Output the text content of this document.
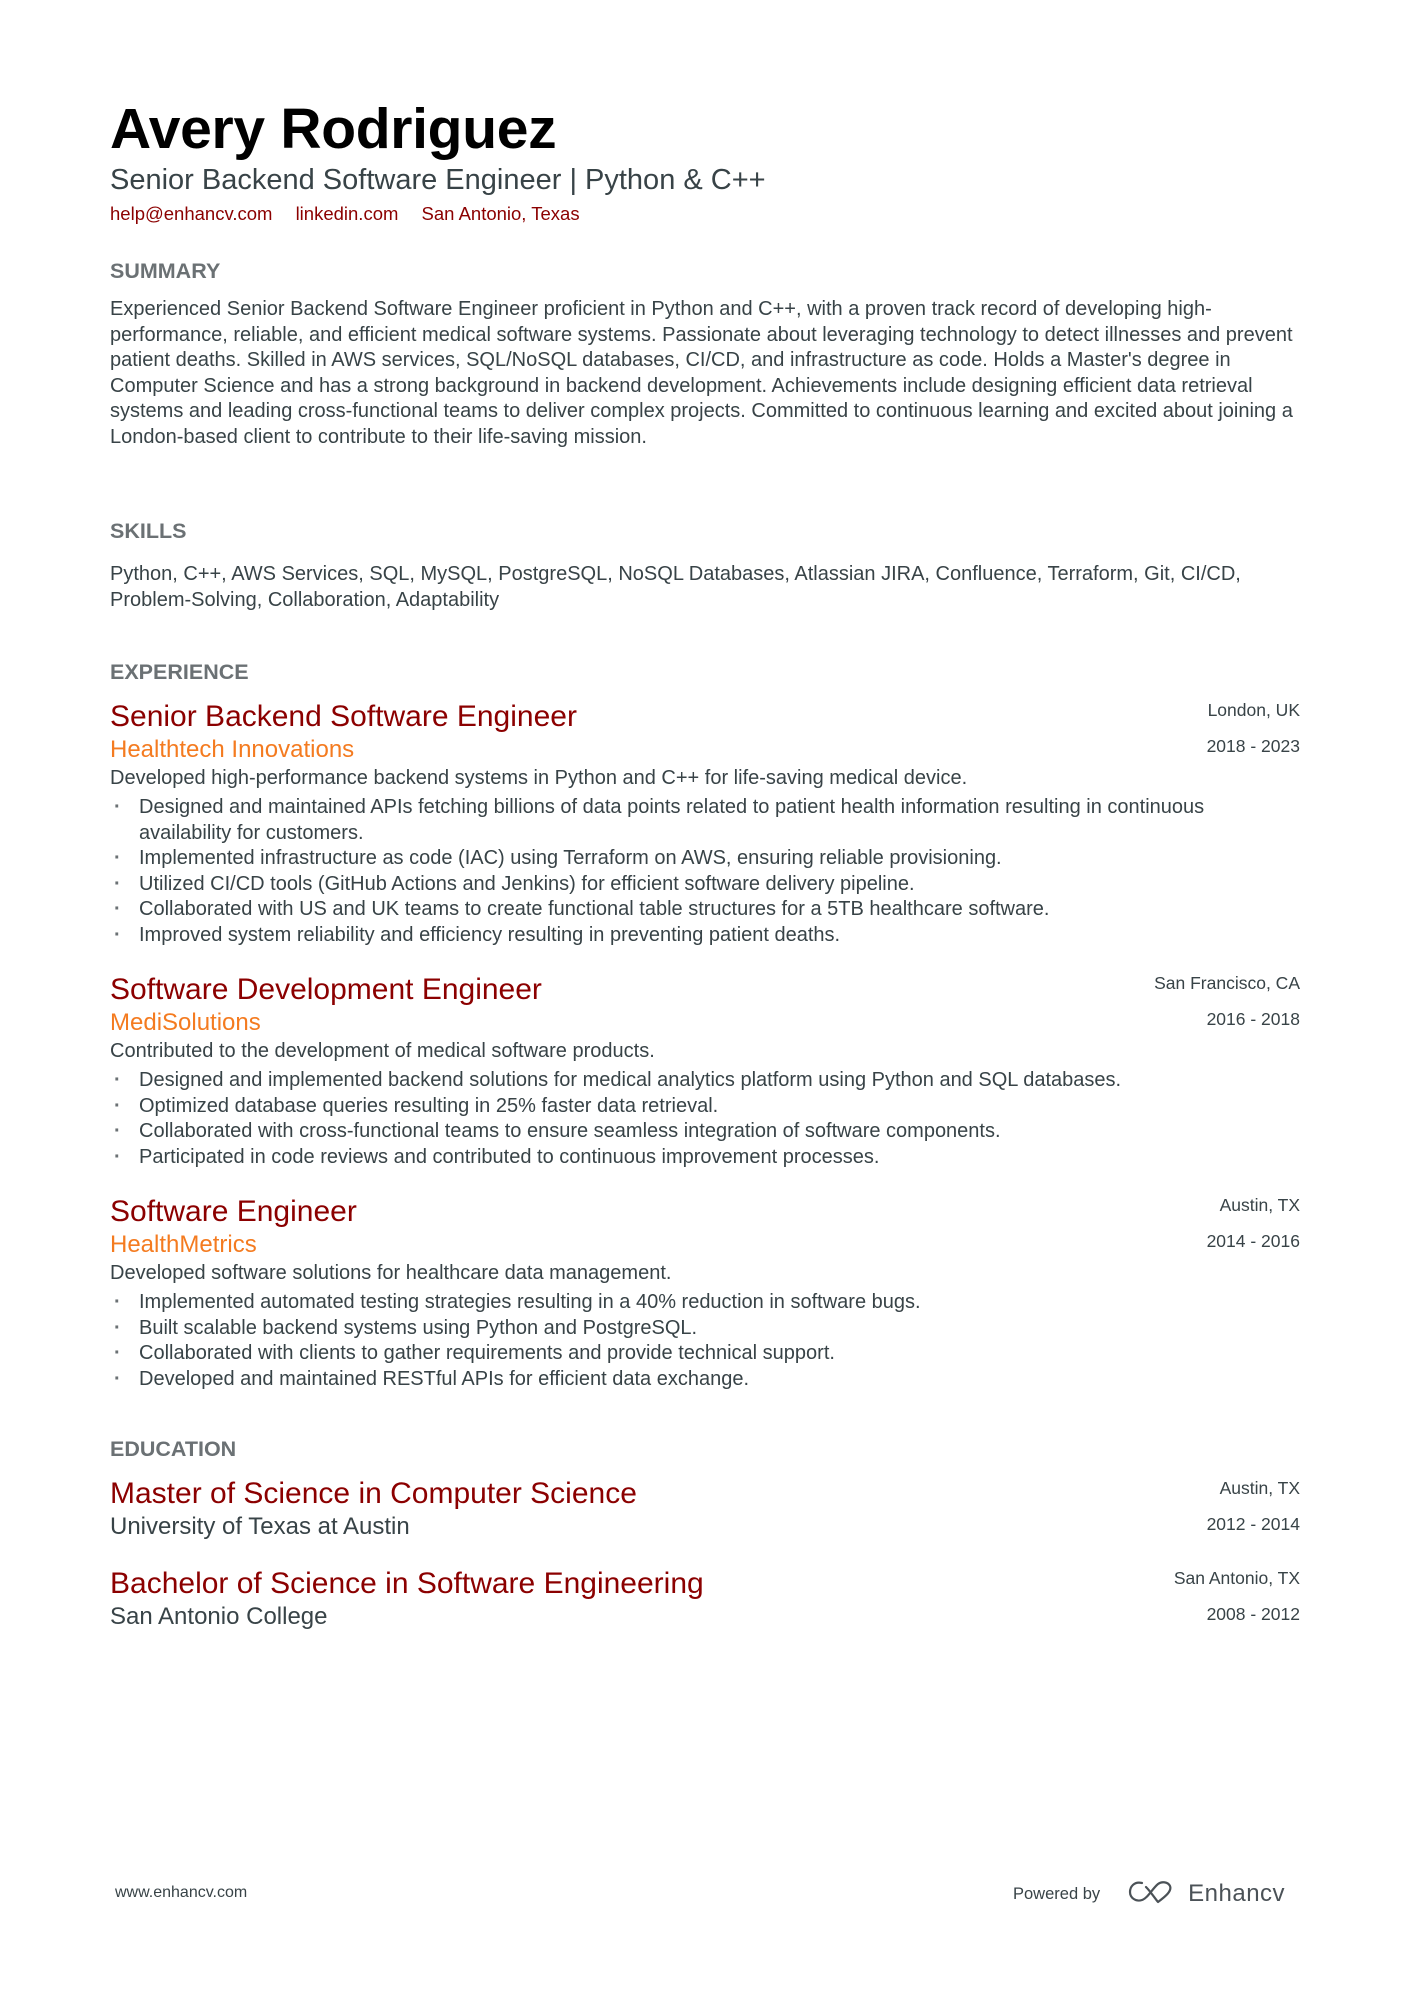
Avery Rodriguez
Senior Backend Software Engineer | Python & C++
help@enhancv.com linkedin.com San Antonio, Texas
SUMMARY
Experienced Senior Backend Software Engineer proficient in Python and C++, with a proven track record of developing high-performance, reliable, and efficient medical software systems. Passionate about leveraging technology to detect illnesses and prevent patient deaths. Skilled in AWS services, SQL/NoSQL databases, CI/CD, and infrastructure as code. Holds a Master's degree in Computer Science and has a strong background in backend development. Achievements include designing efficient data retrieval systems and leading cross-functional teams to deliver complex projects. Committed to continuous learning and excited about joining a London-based client to contribute to their life-saving mission.
SKILLS
Python, C++, AWS Services, SQL, MySQL, PostgreSQL, NoSQL Databases, Atlassian JIRA, Confluence, Terraform, Git, CI/CD, Problem-Solving, Collaboration, Adaptability
EXPERIENCE
Senior Backend Software Engineer
Healthtech Innovations
Developed high-performance backend systems in Python and C++ for life-saving medical device.
· Designed and maintained APIs fetching billions of data points related to patient health information resulting in continuous availability for customers.
· Implemented infrastructure as code (IAC) using Terraform on AWS, ensuring reliable provisioning.
· Utilized CI/CD tools (GitHub Actions and Jenkins) for efficient software delivery pipeline.
· Collaborated with US and UK teams to create functional table structures for a 5TB healthcare software.
· Improved system reliability and efficiency resulting in preventing patient deaths.
London, UK
2018 - 2023
Software Development Engineer
MediSolutions
Contributed to the development of medical software products.
· Designed and implemented backend solutions for medical analytics platform using Python and SQL databases.
· Optimized database queries resulting in 25% faster data retrieval.
· Collaborated with cross-functional teams to ensure seamless integration of software components.
· Participated in code reviews and contributed to continuous improvement processes.
San Francisco, CA
2016 - 2018
Software Engineer
HealthMetrics
Developed software solutions for healthcare data management.
· Implemented automated testing strategies resulting in a 40% reduction in software bugs.
· Built scalable backend systems using Python and PostgreSQL.
· Collaborated with clients to gather requirements and provide technical support.
· Developed and maintained RESTful APIs for efficient data exchange.
Austin, TX
2014 - 2016
EDUCATION
Master of Science in Computer Science
University of Texas at Austin
Austin, TX
2012 - 2014
Bachelor of Science in Software Engineering
San Antonio College
San Antonio, TX
2008 - 2012
www.enhancv.com	Powered by	Enhancv
